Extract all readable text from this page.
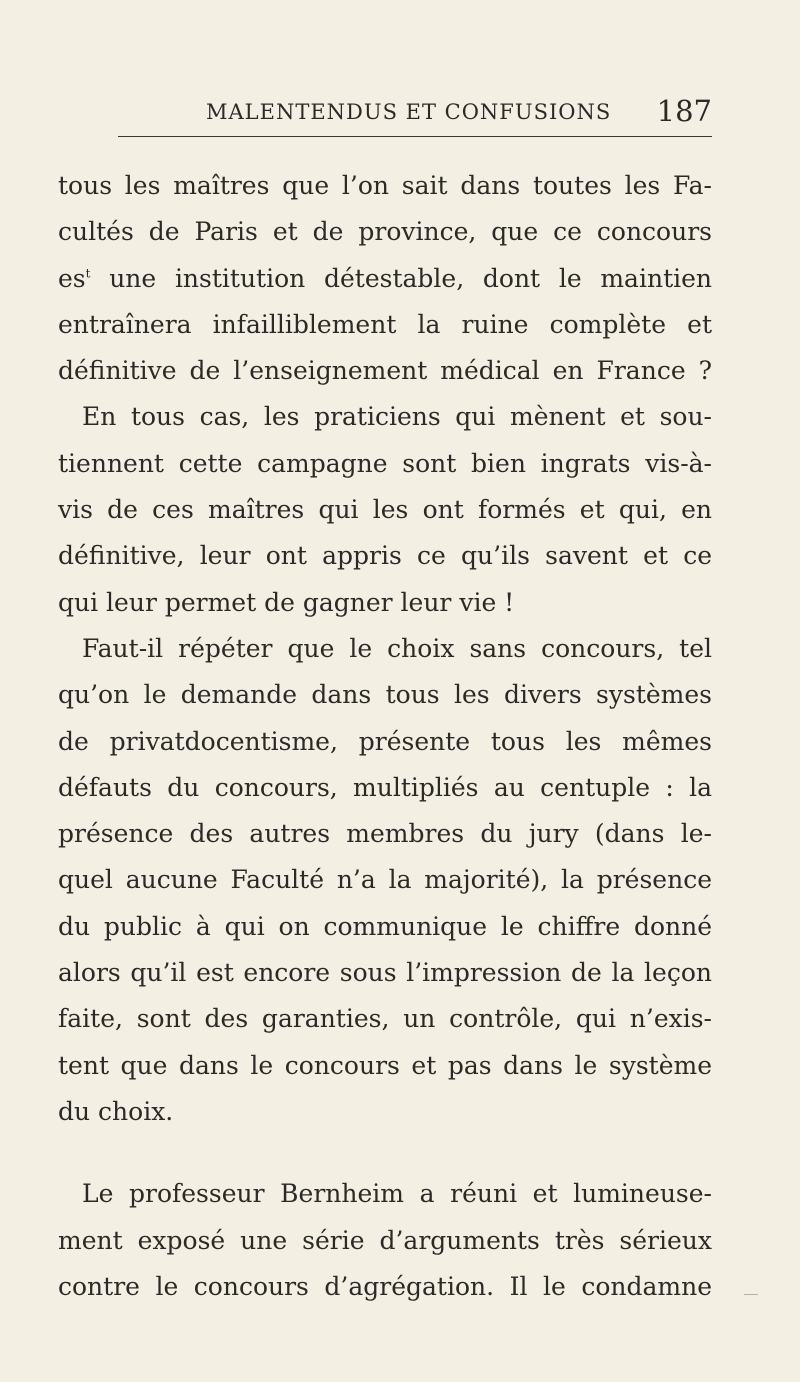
MALENTENDUS ET CONFUSIONS 187
tous les maîtres que l’on sait dans toutes les Fa-
cultés de Paris et de province, que ce concours
$es^t$ une institution détestable, dont le maintien
entraînera infailliblement la ruine complète et
définitive de l’enseignement médical en France ?
En tous cas, les praticiens qui mènent et sou-
tiennent cette campagne sont bien ingrats vis-à-
vis de ces maîtres qui les ont formés et qui, en
définitive, leur ont appris ce qu’ils savent et ce
qui leur permet de gagner leur vie !
Faut-il répéter que le choix sans concours, tel
qu’on le demande dans tous les divers systèmes
de privatdocentisme, présente tous les mêmes
défauts du concours, multipliés au centuple : la
présence des autres membres du jury (dans le-
quel aucune Faculté n’a la majorité), la présence
du public à qui on communique le chiffre donné
alors qu’il est encore sous l’impression de la leçon
faite, sont des garanties, un contrôle, qui n’exis-
tent que dans le concours et pas dans le système
du choix.
Le professeur Bernheim a réuni et lumineuse-
ment exposé une série d’arguments très sérieux
contre le concours d’agrégation. Il le condamne
